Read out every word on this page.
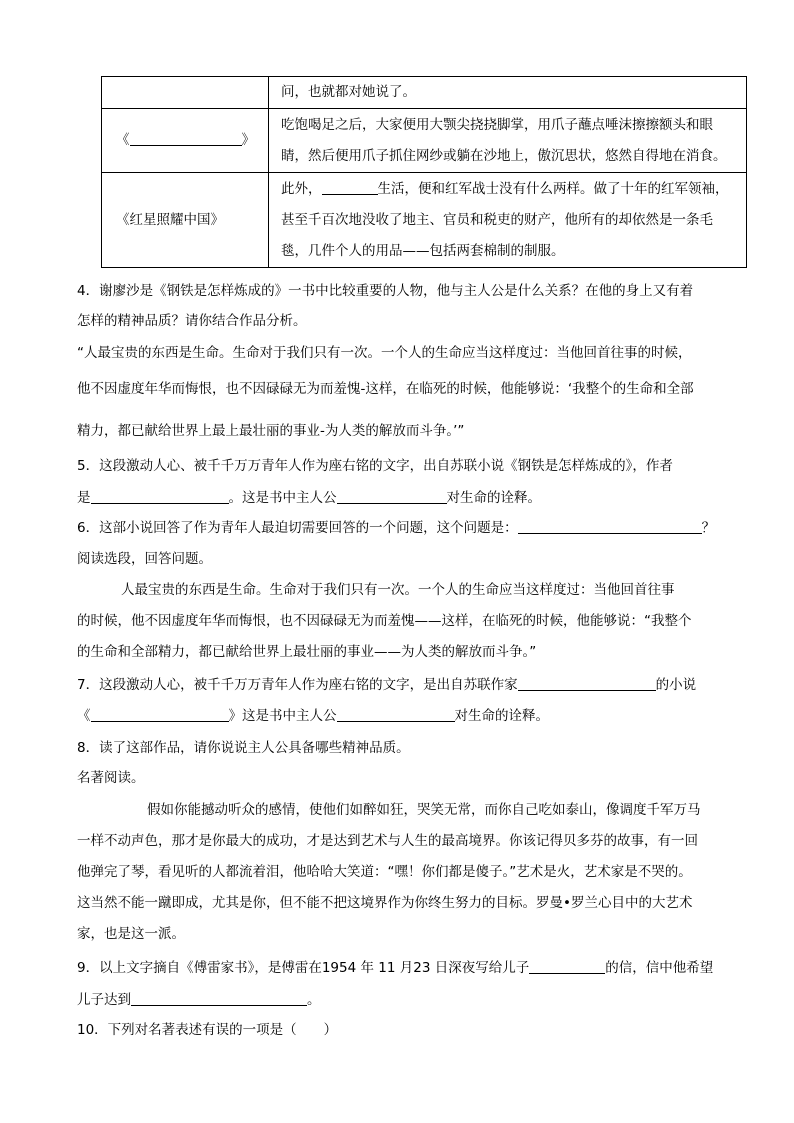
	问，也就都对她说了。
《 》	吃饱喝足之后，大家便用大颚尖挠挠脚掌，用爪子蘸点唾沫擦擦额头和眼
睛，然后便用爪子抓住网纱或躺在沙地上，傲沉思状，悠然自得地在消食。
《红星照耀中国》	此外， 生活，便和红军战士没有什么两样。做了十年的红军领袖，
甚至千百次地没收了地主、官员和税吏的财产，他所有的却依然是一条毛
毯，几件个人的用品——包括两套棉制的制服。
4．谢廖沙是《钢铁是怎样炼成的》一书中比较重要的人物，他与主人公是什么关系？在他的身上又有着
怎样的精神品质？请你结合作品分析。
“人最宝贵的东西是生命。生命对于我们只有一次。一个人的生命应当这样度过：当他回首往事的时候，
他不因虚度年华而悔恨，也不因碌碌无为而羞愧-这样，在临死的时候，他能够说：‘我整个的生命和全部
精力，都已献给世界上最上最壮丽的事业-为人类的解放而斗争。’”
5．这段激动人心、被千千万万青年人作为座右铭的文字，出自苏联小说《钢铁是怎样炼成的》，作者
是	。这是书中主人公	对生命的诠释。
6．这部小说回答了作为青年人最迫切需要回答的一个问题，这个问题是：	？
阅读选段，回答问题。
人最宝贵的东西是生命。生命对于我们只有一次。一个人的生命应当这样度过：当他回首往事
的时候，他不因虚度年华而悔恨，也不因碌碌无为而羞愧——这样，在临死的时候，他能够说：“我整个
的生命和全部精力，都已献给世界上最壮丽的事业——为人类的解放而斗争。”
7．这段激动人心，被千千万万青年人作为座右铭的文字，是出自苏联作家	的小说
《	》这是书中主人公	对生命的诠释。
8．读了这部作品，请你说说主人公具备哪些精神品质。
名著阅读。
假如你能撼动听众的感情，使他们如醉如狂，哭笑无常，而你自己吃如泰山，像调度千军万马
一样不动声色，那才是你最大的成功，才是达到艺术与人生的最高境界。你该记得贝多芬的故事，有一回
他弹完了琴，看见听的人都流着泪，他哈哈大笑道：“嘿！你们都是傻子。”艺术是火，艺术家是不哭的。
这当然不能一蹴即成，尤其是你，但不能不把这境界作为你终生努力的目标。罗曼•罗兰心目中的大艺术
家，也是这一派。
9．以上文字摘自《傅雷家书》，是傅雷在1954 年 11 月23 日深夜写给儿子	的信，信中他希望
儿子达到	。
10．下列对名著表述有误的一项是（　　）
